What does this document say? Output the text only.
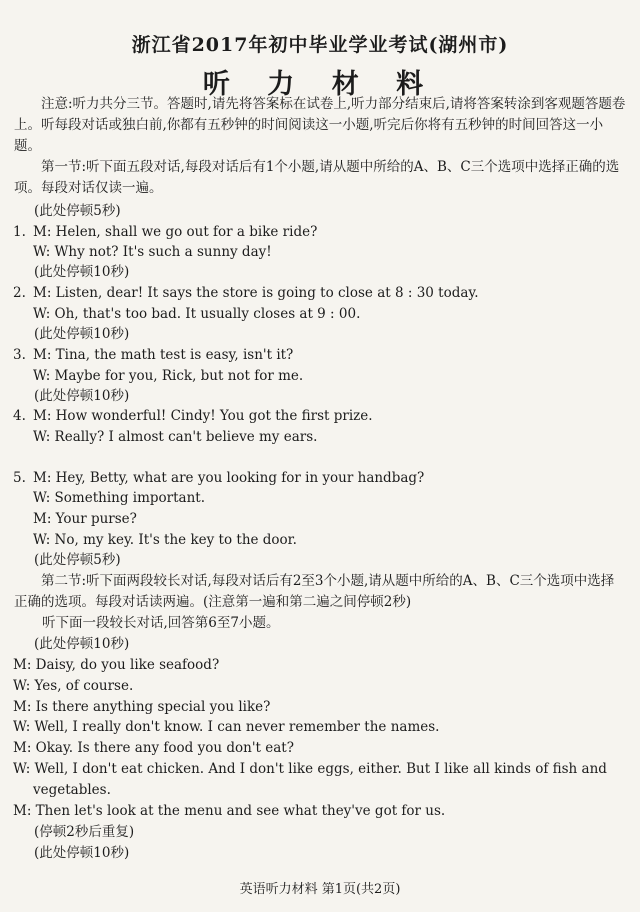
浙江省2017年初中毕业学业考试(湖州市)
听 力 材 料
注意:听力共分三节。答题时,请先将答案标在试卷上,听力部分结束后,请将答案转涂到客观题答题卷上。听每段对话或独白前,你都有五秒钟的时间阅读这一小题,听完后你将有五秒钟的时间回答这一小题。
第一节:听下面五段对话,每段对话后有1个小题,请从题中所给的A、B、C三个选项中选择正确的选项。每段对话仅读一遍。
(此处停顿5秒)
1. M: Helen, shall we go out for a bike ride?
W: Why not? It's such a sunny day!
(此处停顿10秒)
2. M: Listen, dear! It says the store is going to close at 8 : 30 today.
W: Oh, that's too bad. It usually closes at 9 : 00.
(此处停顿10秒)
3. M: Tina, the math test is easy, isn't it?
W: Maybe for you, Rick, but not for me.
(此处停顿10秒)
4. M: How wonderful! Cindy! You got the first prize.
W: Really? I almost can't believe my ears.
5. M: Hey, Betty, what are you looking for in your handbag?
W: Something important.
M: Your purse?
W: No, my key. It's the key to the door.
(此处停顿5秒)
第二节:听下面两段较长对话,每段对话后有2至3个小题,请从题中所给的A、B、C三个选项中选择正确的选项。每段对话读两遍。(注意第一遍和第二遍之间停顿2秒)
听下面一段较长对话,回答第6至7小题。
(此处停顿10秒)
M: Daisy, do you like seafood?
W: Yes, of course.
M: Is there anything special you like?
W: Well, I really don't know. I can never remember the names.
M: Okay. Is there any food you don't eat?
W: Well, I don't eat chicken. And I don't like eggs, either. But I like all kinds of fish and
vegetables.
M: Then let's look at the menu and see what they've got for us.
(停顿2秒后重复)
(此处停顿10秒)
英语听力材料 第1页(共2页)
